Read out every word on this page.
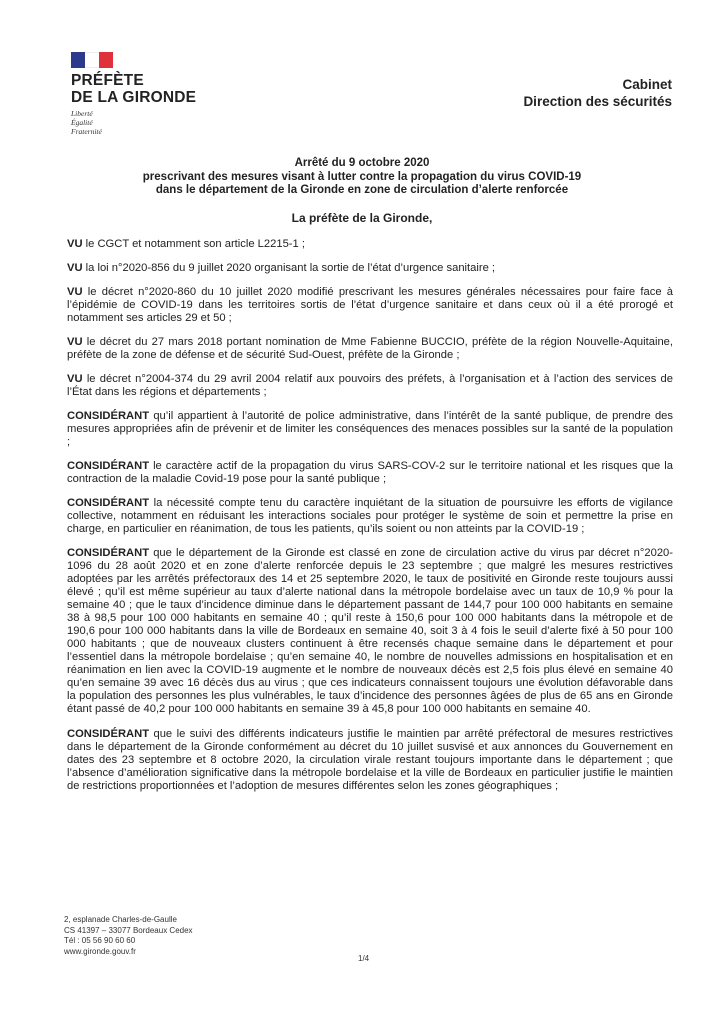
PRÉFÈTE
DE LA GIRONDE
Liberté
Égalité
Fraternité
Cabinet
Direction des sécurités
Arrêté du 9 octobre 2020
prescrivant des mesures visant à lutter contre la propagation du virus COVID-19
dans le département de la Gironde en zone de circulation d’alerte renforcée
La préfète de la Gironde,

VU le CGCT et notamment son article L2215-1 ;

VU la loi n°2020-856 du 9 juillet 2020 organisant la sortie de l’état d’urgence sanitaire ;

VU le décret n°2020-860 du 10 juillet 2020 modifié prescrivant les mesures générales nécessaires pour faire face à l’épidémie de COVID-19 dans les territoires sortis de l’état d’urgence sanitaire et dans ceux où il a été prorogé et notamment ses articles 29 et 50 ;

VU le décret du 27 mars 2018 portant nomination de Mme Fabienne BUCCIO, préfète de la région Nouvelle-Aquitaine, préfète de la zone de défense et de sécurité Sud-Ouest, préfète de la Gironde ;

VU le décret n°2004-374 du 29 avril 2004 relatif aux pouvoirs des préfets, à l’organisation et à l’action des services de l’État dans les régions et départements ;

CONSIDÉRANT qu’il appartient à l’autorité de police administrative, dans l’intérêt de la santé publique, de prendre des mesures appropriées afin de prévenir et de limiter les conséquences des menaces possibles sur la santé de la population ;

CONSIDÉRANT le caractère actif de la propagation du virus SARS-COV-2 sur le territoire national et les risques que la contraction de la maladie Covid-19 pose pour la santé publique ;

CONSIDÉRANT la nécessité compte tenu du caractère inquiétant de la situation de poursuivre les efforts de vigilance collective, notamment en réduisant les interactions sociales pour protéger le système de soin et permettre la prise en charge, en particulier en réanimation, de tous les patients, qu’ils soient ou non atteints par la COVID-19 ;

CONSIDÉRANT que le département de la Gironde est classé en zone de circulation active du virus par décret n°2020-1096 du 28 août 2020 et en zone d’alerte renforcée depuis le 23 septembre ; que malgré les mesures restrictives adoptées par les arrêtés préfectoraux des 14 et 25 septembre 2020, le taux de positivité en Gironde reste toujours aussi élevé ; qu’il est même supérieur au taux d’alerte national dans la métropole bordelaise avec un taux de 10,9 % pour la semaine 40 ; que le taux d’incidence diminue dans le département passant de 144,7 pour 100 000 habitants en semaine 38 à 98,5 pour 100 000 habitants en semaine 40 ; qu’il reste à 150,6 pour 100 000 habitants dans la métropole et de 190,6 pour 100 000 habitants dans la ville de Bordeaux en semaine 40, soit 3 à 4 fois le seuil d’alerte fixé à 50 pour 100 000 habitants ; que de nouveaux clusters continuent à être recensés chaque semaine dans le département et pour l’essentiel dans la métropole bordelaise ; qu’en semaine 40, le nombre de nouvelles admissions en hospitalisation et en réanimation en lien avec la COVID-19 augmente et le nombre de nouveaux décès est 2,5 fois plus élevé en semaine 40 qu’en semaine 39 avec 16 décès dus au virus ; que ces indicateurs connaissent toujours une évolution défavorable dans la population des personnes les plus vulnérables, le taux d’incidence des personnes âgées de plus de 65 ans en Gironde étant passé de 40,2 pour 100 000 habitants en semaine 39 à 45,8 pour 100 000 habitants en semaine 40.

CONSIDÉRANT que le suivi des différents indicateurs justifie le maintien par arrêté préfectoral de mesures restrictives dans le département de la Gironde conformément au décret du 10 juillet susvisé et aux annonces du Gouvernement en dates des 23 septembre et 8 octobre 2020, la circulation virale restant toujours importante dans le département ; que l’absence d’amélioration significative dans la métropole bordelaise et la ville de Bordeaux en particulier justifie le maintien de restrictions proportionnées et l’adoption de mesures différentes selon les zones géographiques ;

2, esplanade Charles-de-Gaulle
CS 41397 – 33077 Bordeaux Cedex
Tél : 05 56 90 60 60
www.gironde.gouv.fr
1/4
